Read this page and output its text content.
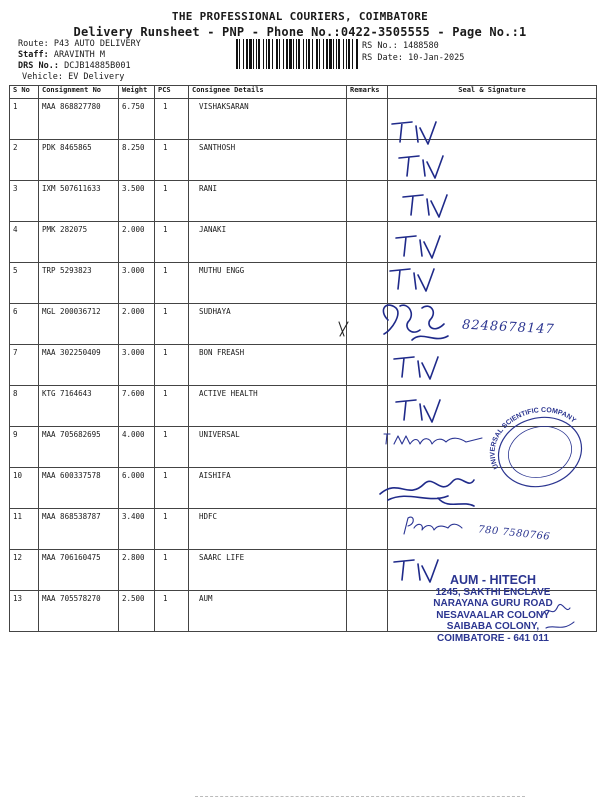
THE PROFESSIONAL COURIERS, COIMBATORE
Delivery Runsheet - PNP - Phone No.:0422-3505555 - Page No.:1
Route: P43 AUTO DELIVERY
Staff: ARAVINTH M
DRS No.: DCJB14885B001
Vehicle: EV Delivery
RS No.: 1488580
RS Date: 10-Jan-2025
S No	Consignment No	Weight	PCS	Consignee Details	Remarks	Seal & Signature
1	MAA 868827780	6.750	1	VISHAKSARAN		
2	PDK 8465865	8.250	1	SANTHOSH		
3	IXM 507611633	3.500	1	RANI		
4	PMK 282075	2.000	1	JANAKI		
5	TRP 5293823	3.000	1	MUTHU ENGG		
6	MGL 200036712	2.000	1	SUDHAYA		
7	MAA 302250409	3.000	1	BON FREASH		
8	KTG 7164643	7.600	1	ACTIVE HEALTH		
9	MAA 705682695	4.000	1	UNIVERSAL		
10	MAA 600337578	6.000	1	AISHIFA		
11	MAA 868538787	3.400	1	HDFC		
12	MAA 706160475	2.800	1	SAARC LIFE		
13	MAA 705578270	2.500	1	AUM		
UNIVERSAL SCIENTIFIC COMPANY
8248678147
780 7580766
AUM - HITECH
1245, SAKTHI ENCLAVE
NARAYANA GURU ROAD
NESAVAALAR COLONY
SAIBABA COLONY,
COIMBATORE - 641 011
